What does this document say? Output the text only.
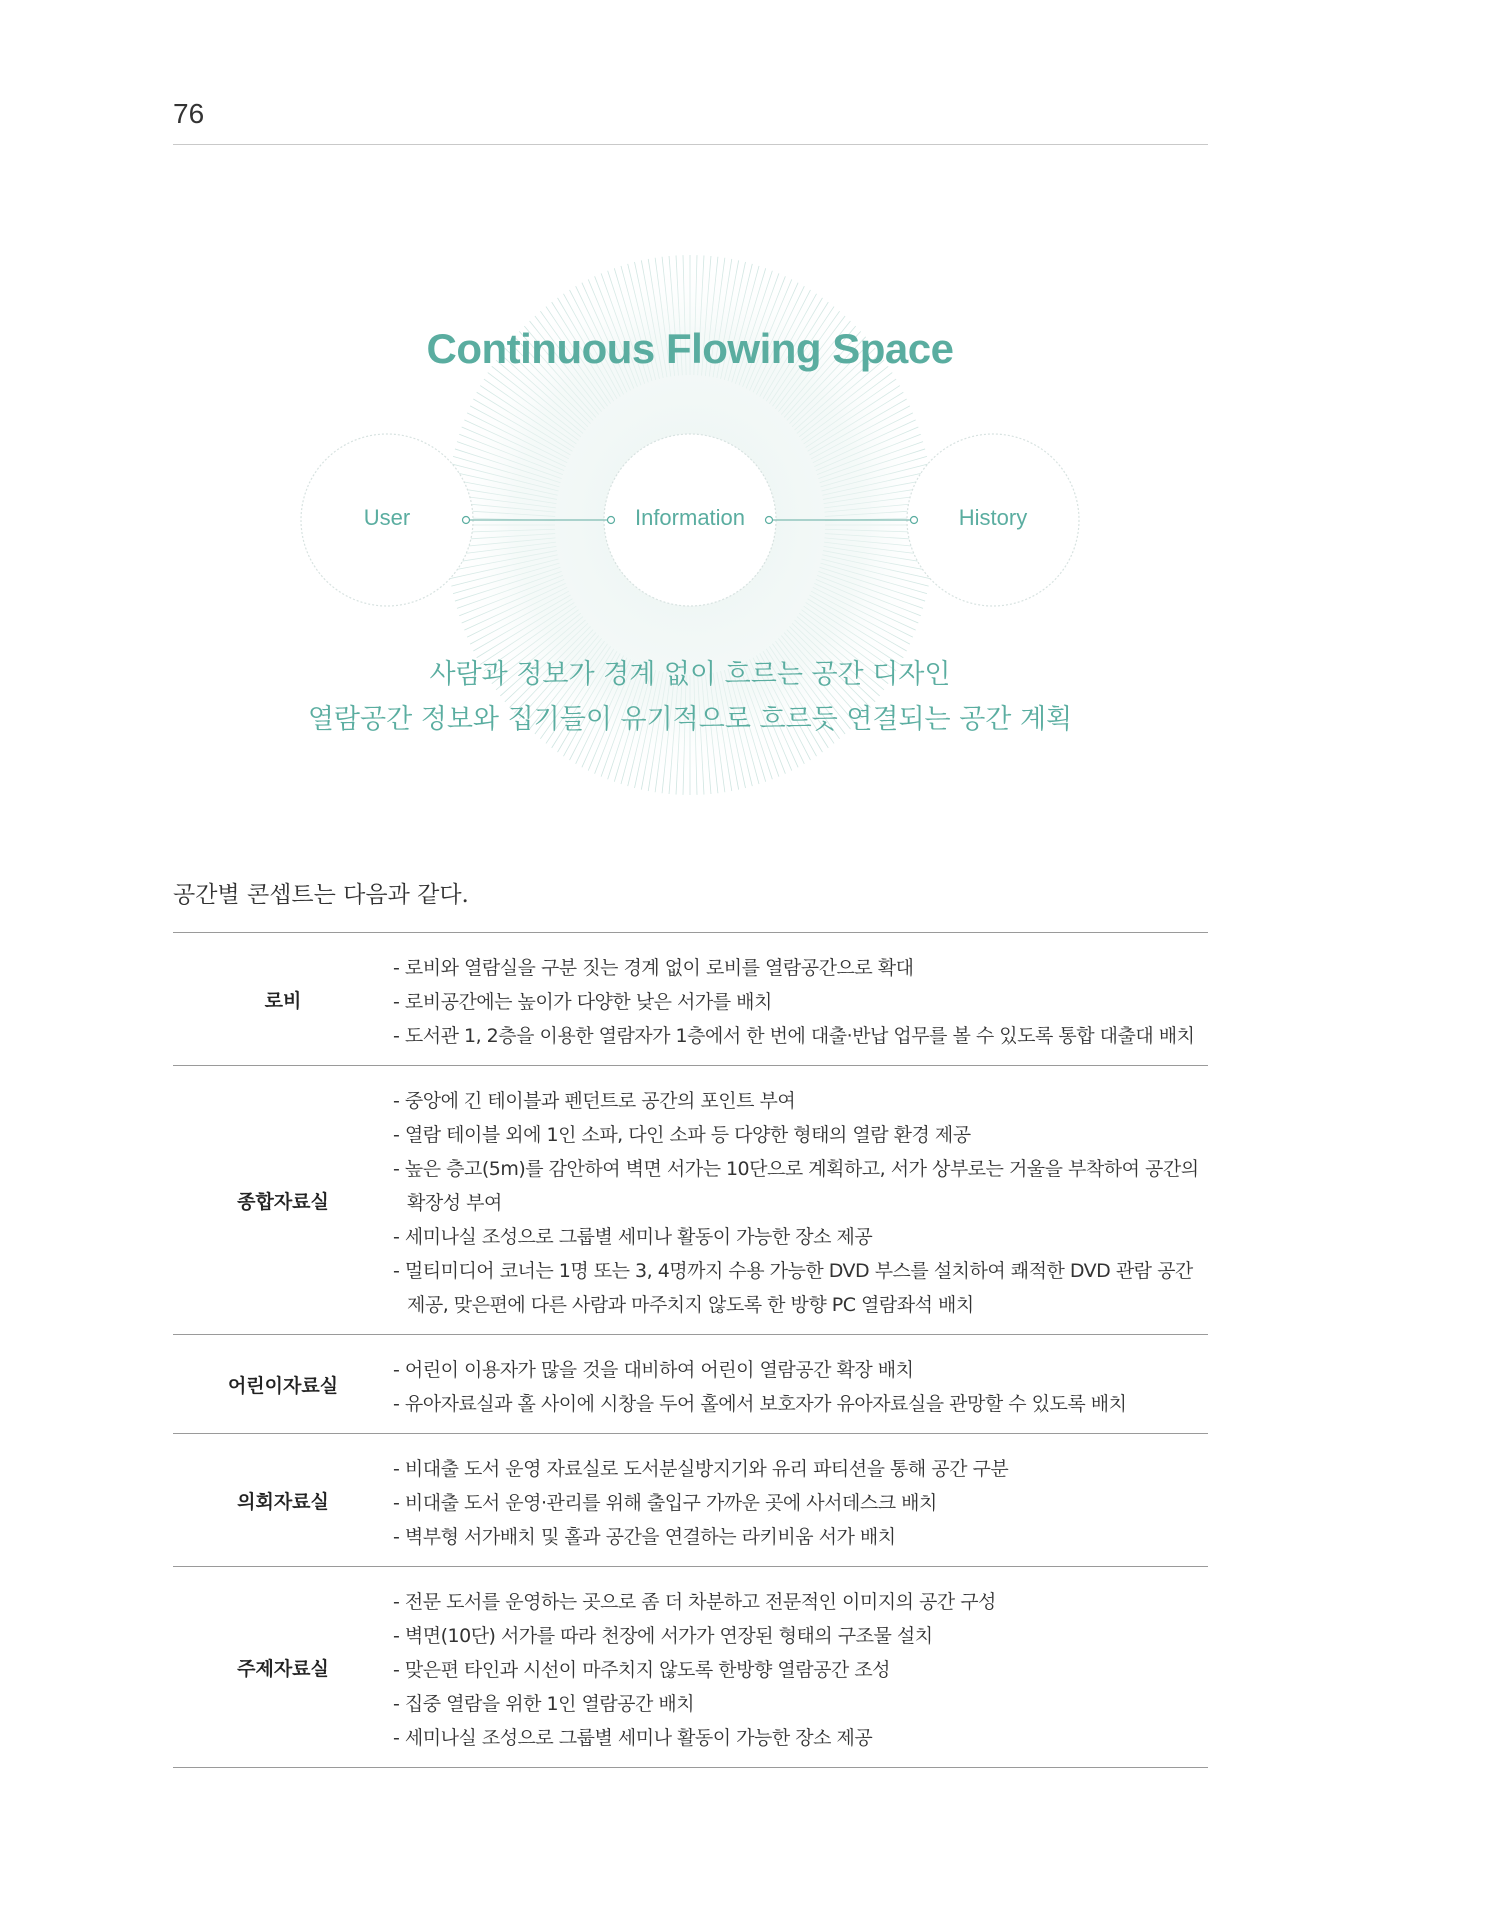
76
Continuous Flowing Space
User	Information	History
사람과 정보가 경계 없이 흐르는 공간 디자인
열람공간 정보와 집기들이 유기적으로 흐르듯 연결되는 공간 계획
공간별 콘셉트는 다음과 같다.
로비	- 로비와 열람실을 구분 짓는 경계 없이 로비를 열람공간으로 확대
- 로비공간에는 높이가 다양한 낮은 서가를 배치
- 도서관 1, 2층을 이용한 열람자가 1층에서 한 번에 대출·반납 업무를 볼 수 있도록 통합 대출대 배치

종합자료실	- 중앙에 긴 테이블과 펜던트로 공간의 포인트 부여
- 열람 테이블 외에 1인 소파, 다인 소파 등 다양한 형태의 열람 환경 제공
- 높은 층고(5m)를 감안하여 벽면 서가는 10단으로 계획하고, 서가 상부로는 거울을 부착하여 공간의 확장성 부여
- 세미나실 조성으로 그룹별 세미나 활동이 가능한 장소 제공
- 멀티미디어 코너는 1명 또는 3, 4명까지 수용 가능한 DVD 부스를 설치하여 쾌적한 DVD 관람 공간 제공, 맞은편에 다른 사람과 마주치지 않도록 한 방향 PC 열람좌석 배치

어린이자료실	- 어린이 이용자가 많을 것을 대비하여 어린이 열람공간 확장 배치
- 유아자료실과 홀 사이에 시창을 두어 홀에서 보호자가 유아자료실을 관망할 수 있도록 배치

의회자료실	- 비대출 도서 운영 자료실로 도서분실방지기와 유리 파티션을 통해 공간 구분
- 비대출 도서 운영·관리를 위해 출입구 가까운 곳에 사서데스크 배치
- 벽부형 서가배치 및 홀과 공간을 연결하는 라키비움 서가 배치

주제자료실	- 전문 도서를 운영하는 곳으로 좀 더 차분하고 전문적인 이미지의 공간 구성
- 벽면(10단) 서가를 따라 천장에 서가가 연장된 형태의 구조물 설치
- 맞은편 타인과 시선이 마주치지 않도록 한방향 열람공간 조성
- 집중 열람을 위한 1인 열람공간 배치
- 세미나실 조성으로 그룹별 세미나 활동이 가능한 장소 제공
